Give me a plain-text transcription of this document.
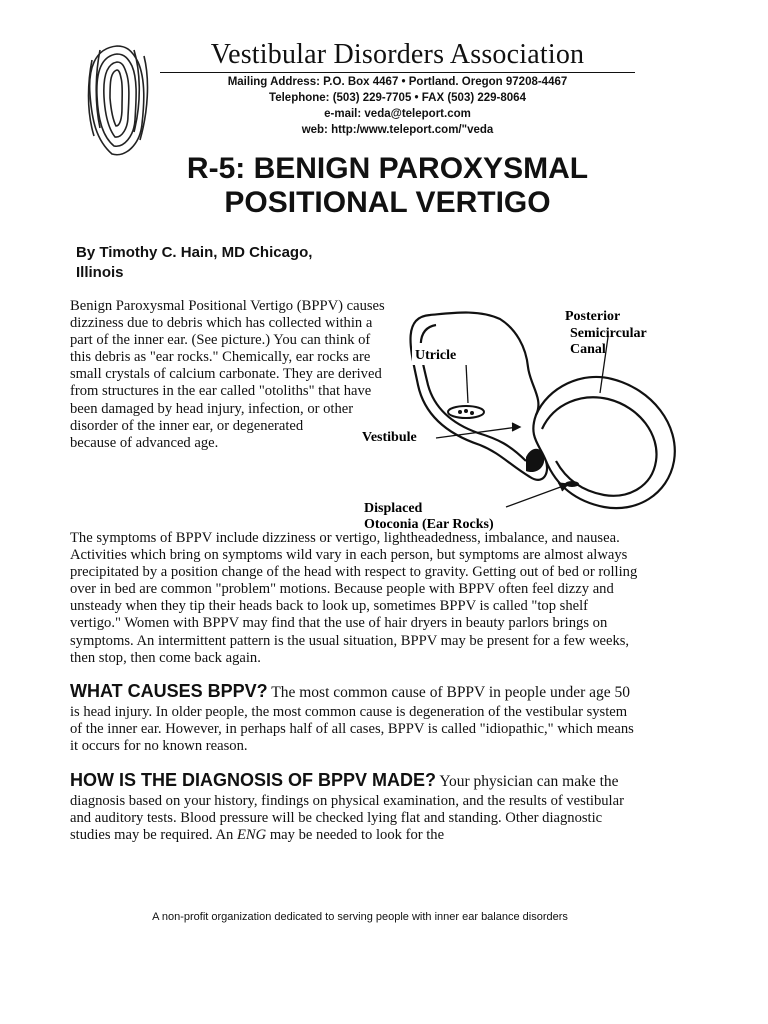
Vestibular Disorders Association
Mailing Address: P.O. Box 4467 • Portland. Oregon 97208-4467
Telephone: (503) 229-7705 • FAX (503) 229-8064
e-mail: veda@teleport.com
web: http:/www.teleport.com/"veda
R-5: BENIGN PAROXYSMAL
POSITIONAL VERTIGO
By Timothy C. Hain, MD Chicago,
Illinois
Benign Paroxysmal Positional Vertigo (BPPV) causes
dizziness due to debris which has collected within a
part of the inner ear. (See picture.) You can think of
this debris as "ear rocks." Chemically, ear rocks are
small crystals of calcium carbonate. They are derived
from structures in the ear called "otoliths" that have
been damaged by head injury, infection, or other
disorder of the inner ear, or degenerated
because of advanced age.
Utricle
Posterior
Semicircular
Canal
Vestibule
Displaced
Otoconia (Ear Rocks)
The symptoms of BPPV include dizziness or vertigo, lightheadedness, imbalance, and nausea.
Activities which bring on symptoms wild vary in each person, but symptoms are almost always
precipitated by a position change of the head with respect to gravity. Getting out of bed or rolling
over in bed are common "problem" motions. Because people with BPPV often feel dizzy and
unsteady when they tip their heads back to look up, sometimes BPPV is called "top shelf
vertigo." Women with BPPV may find that the use of hair dryers in beauty parlors brings on
symptoms. An intermittent pattern is the usual situation, BPPV may be present for a few weeks,
then stop, then come back again.
WHAT CAUSES BPPV? The most common cause of BPPV in people under age 50
is head injury. In older people, the most common cause is degeneration of the vestibular system
of the inner ear. However, in perhaps half of all cases, BPPV is called "idiopathic," which means
it occurs for no known reason.
HOW IS THE DIAGNOSIS OF BPPV MADE? Your physician can make the
diagnosis based on your history, findings on physical examination, and the results of vestibular
and auditory tests. Blood pressure will be checked lying flat and standing. Other diagnostic
studies may be required. An ENG may be needed to look for the
A non-profit organization dedicated to serving people with inner ear balance disorders
